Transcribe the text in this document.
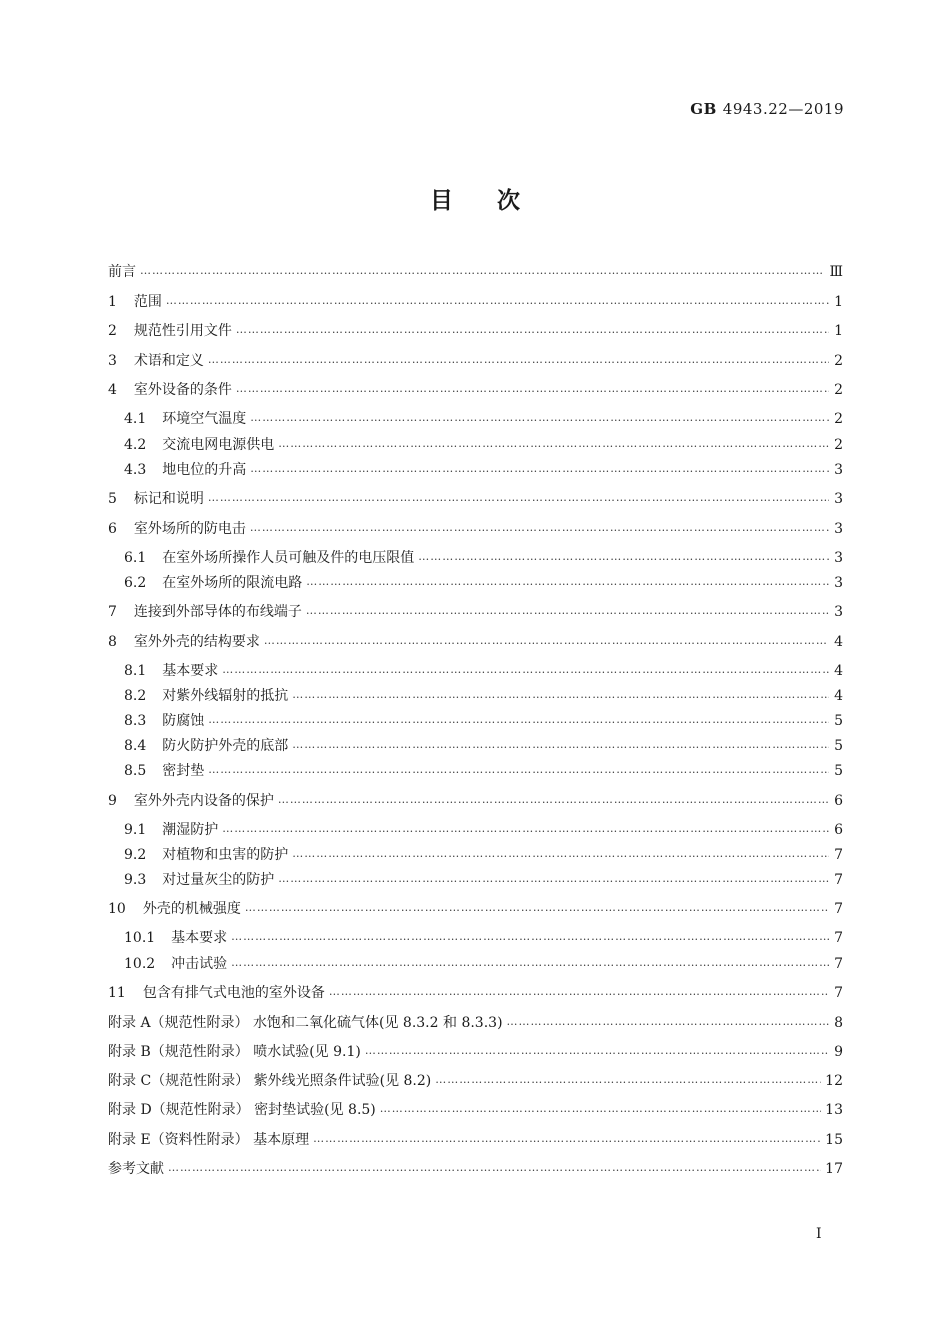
GB 4943.22—2019
目 次
前言 ……………………………………………………………………………………………………………………………………………………………………………………………………………………………………………………………………………………………………	Ⅲ
1 范围 ……………………………………………………………………………………………………………………………………………………………………………………………………………………………………………………………………………………………………	1
2 规范性引用文件 ……………………………………………………………………………………………………………………………………………………………………………………………………………………………………………………………………………………………………	1
3 术语和定义 ……………………………………………………………………………………………………………………………………………………………………………………………………………………………………………………………………………………………………	2
4 室外设备的条件 ……………………………………………………………………………………………………………………………………………………………………………………………………………………………………………………………………………………………………	2
4.1 环境空气温度 ……………………………………………………………………………………………………………………………………………………………………………………………………………………………………………………………………………………………………	2
4.2 交流电网电源供电 ……………………………………………………………………………………………………………………………………………………………………………………………………………………………………………………………………………………………………	2
4.3 地电位的升高 ……………………………………………………………………………………………………………………………………………………………………………………………………………………………………………………………………………………………………	3
5 标记和说明 ……………………………………………………………………………………………………………………………………………………………………………………………………………………………………………………………………………………………………	3
6 室外场所的防电击 ……………………………………………………………………………………………………………………………………………………………………………………………………………………………………………………………………………………………………	3
6.1 在室外场所操作人员可触及件的电压限值 ……………………………………………………………………………………………………………………………………………………………………………………………………………………………………………………………………………………………………	3
6.2 在室外场所的限流电路 ……………………………………………………………………………………………………………………………………………………………………………………………………………………………………………………………………………………………………	3
7 连接到外部导体的布线端子 ……………………………………………………………………………………………………………………………………………………………………………………………………………………………………………………………………………………………………	3
8 室外外壳的结构要求 ……………………………………………………………………………………………………………………………………………………………………………………………………………………………………………………………………………………………………	4
8.1 基本要求 ……………………………………………………………………………………………………………………………………………………………………………………………………………………………………………………………………………………………………	4
8.2 对紫外线辐射的抵抗 ……………………………………………………………………………………………………………………………………………………………………………………………………………………………………………………………………………………………………	4
8.3 防腐蚀 ……………………………………………………………………………………………………………………………………………………………………………………………………………………………………………………………………………………………………	5
8.4 防火防护外壳的底部 ……………………………………………………………………………………………………………………………………………………………………………………………………………………………………………………………………………………………………	5
8.5 密封垫 ……………………………………………………………………………………………………………………………………………………………………………………………………………………………………………………………………………………………………	5
9 室外外壳内设备的保护 ……………………………………………………………………………………………………………………………………………………………………………………………………………………………………………………………………………………………………	6
9.1 潮湿防护 ……………………………………………………………………………………………………………………………………………………………………………………………………………………………………………………………………………………………………	6
9.2 对植物和虫害的防护 ……………………………………………………………………………………………………………………………………………………………………………………………………………………………………………………………………………………………………	7
9.3 对过量灰尘的防护 ……………………………………………………………………………………………………………………………………………………………………………………………………………………………………………………………………………………………………	7
10 外壳的机械强度 ……………………………………………………………………………………………………………………………………………………………………………………………………………………………………………………………………………………………………	7
10.1 基本要求 ……………………………………………………………………………………………………………………………………………………………………………………………………………………………………………………………………………………………………	7
10.2 冲击试验 ……………………………………………………………………………………………………………………………………………………………………………………………………………………………………………………………………………………………………	7
11 包含有排气式电池的室外设备 ……………………………………………………………………………………………………………………………………………………………………………………………………………………………………………………………………………………………………	7
附录 A（规范性附录） 水饱和二氧化硫气体(见 8.3.2 和 8.3.3) ……………………………………………………………………………………………………………………………………………………………………………………………………………………………………………………………………………………………………	8
附录 B（规范性附录） 喷水试验(见 9.1) ……………………………………………………………………………………………………………………………………………………………………………………………………………………………………………………………………………………………………	9
附录 C（规范性附录） 紫外线光照条件试验(见 8.2) ……………………………………………………………………………………………………………………………………………………………………………………………………………………………………………………………………………………………………	12
附录 D（规范性附录） 密封垫试验(见 8.5) ……………………………………………………………………………………………………………………………………………………………………………………………………………………………………………………………………………………………………	13
附录 E（资料性附录） 基本原理 ……………………………………………………………………………………………………………………………………………………………………………………………………………………………………………………………………………………………………	15
参考文献 ……………………………………………………………………………………………………………………………………………………………………………………………………………………………………………………………………………………………………	17
I
